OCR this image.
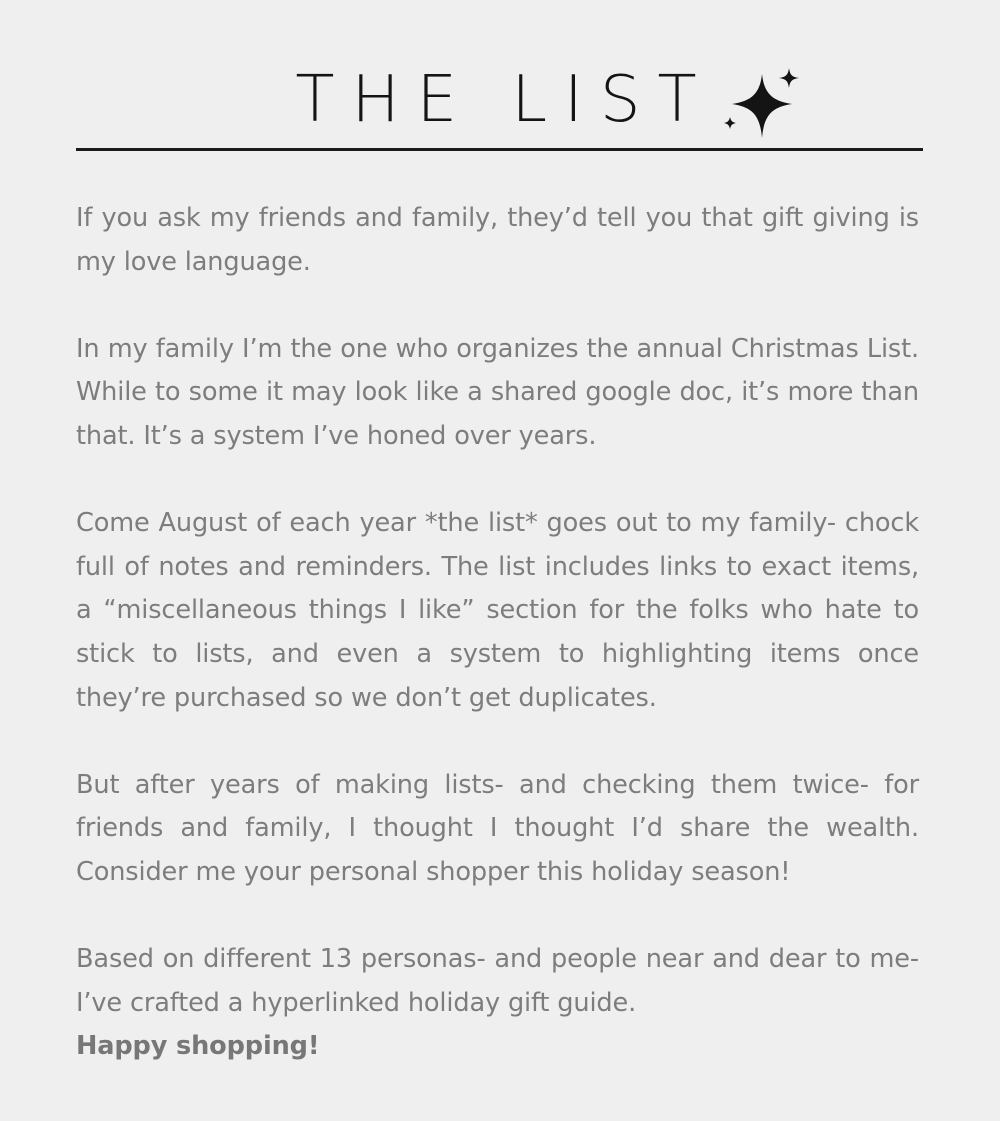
THE LIST

If you ask my friends and family, they’d tell you that gift giving is my love language.

In my family I’m the one who organizes the annual Christmas List. While to some it may look like a shared google doc, it’s more than that. It’s a system I’ve honed over years.

Come August of each year *the list* goes out to my family- chock full of notes and reminders. The list includes links to exact items, a “miscellaneous things I like” section for the folks who hate to stick to lists, and even a system to highlighting items once they’re purchased so we don’t get duplicates.

But after years of making lists- and checking them twice- for friends and family, I thought I thought I’d share the wealth. Consider me your personal shopper this holiday season!

Based on different 13 personas- and people near and dear to me- I’ve crafted a hyperlinked holiday gift guide.
Happy shopping!
